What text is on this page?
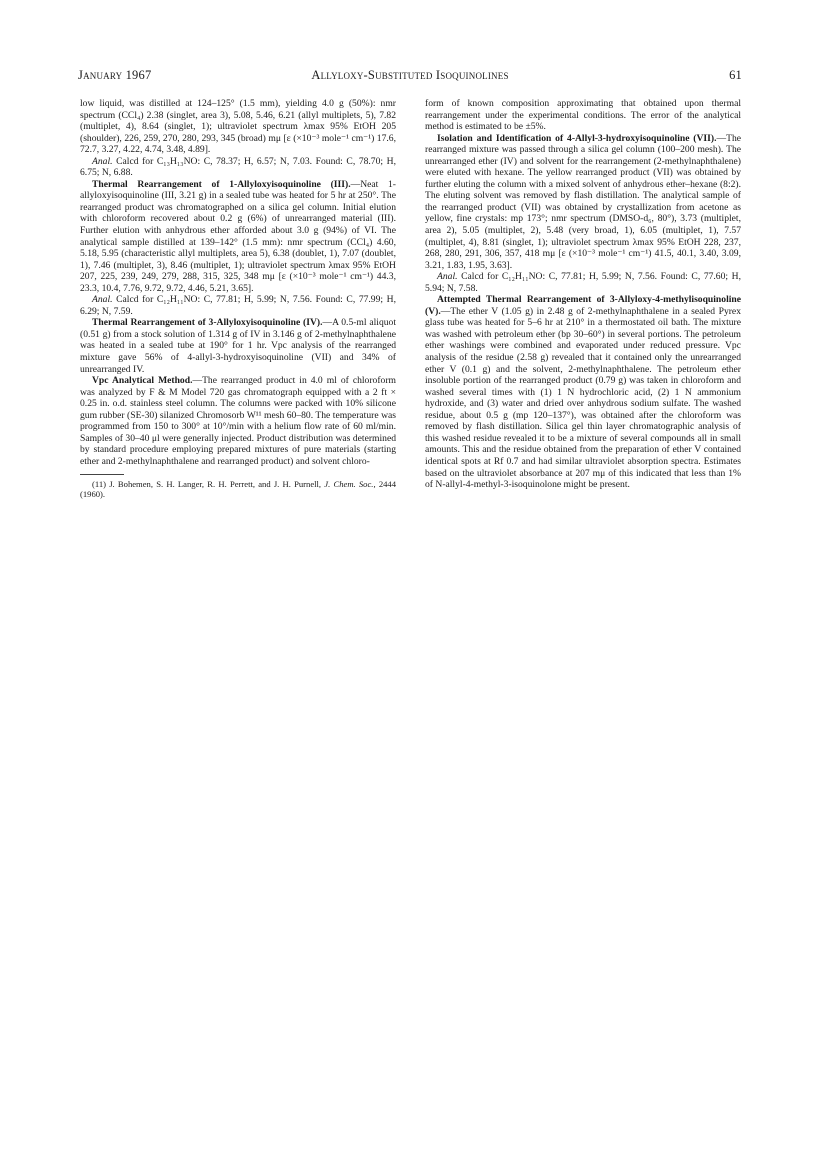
January 1967	Allyloxy-Substituted Isoquinolines	61

low liquid, was distilled at 124–125° (1.5 mm), yielding 4.0 g (50%): nmr spectrum (CCl₄) 2.38 (singlet, area 3), 5.08, 5.46, 6.21 (allyl multiplets, 5), 7.82 (multiplet, 4), 8.64 (singlet, 1); ultraviolet spectrum λmax 95% EtOH 205 (shoulder), 226, 259, 270, 280, 293, 345 (broad) mμ [ε (×10⁻³ mole⁻¹ cm⁻¹) 17.6, 72.7, 3.27, 4.22, 4.74, 3.48, 4.89].

Anal. Calcd for C₁₃H₁₃NO: C, 78.37; H, 6.57; N, 7.03. Found: C, 78.70; H, 6.75; N, 6.88.

Thermal Rearrangement of 1-Allyloxyisoquinoline (III).—Neat 1-allyloxyisoquinoline (III, 3.21 g) in a sealed tube was heated for 5 hr at 250°. The rearranged product was chromatographed on a silica gel column. Initial elution with chloroform recovered about 0.2 g (6%) of unrearranged material (III). Further elution with anhydrous ether afforded about 3.0 g (94%) of VI. The analytical sample distilled at 139–142° (1.5 mm): nmr spectrum (CCl₄) 4.60, 5.18, 5.95 (characteristic allyl multiplets, area 5), 6.38 (doublet, 1), 7.07 (doublet, 1), 7.46 (multiplet, 3), 8.46 (multiplet, 1); ultraviolet spectrum λmax 95% EtOH 207, 225, 239, 249, 279, 288, 315, 325, 348 mμ [ε (×10⁻³ mole⁻¹ cm⁻¹) 44.3, 23.3, 10.4, 7.76, 9.72, 9.72, 4.46, 5.21, 3.65].

Anal. Calcd for C₁₂H₁₁NO: C, 77.81; H, 5.99; N, 7.56. Found: C, 77.99; H, 6.29; N, 7.59.

Thermal Rearrangement of 3-Allyloxyisoquinoline (IV).—A 0.5-ml aliquot (0.51 g) from a stock solution of 1.314 g of IV in 3.146 g of 2-methylnaphthalene was heated in a sealed tube at 190° for 1 hr. Vpc analysis of the rearranged mixture gave 56% of 4-allyl-3-hydroxyisoquinoline (VII) and 34% of unrearranged IV.

Vpc Analytical Method.—The rearranged product in 4.0 ml of chloroform was analyzed by F & M Model 720 gas chromatograph equipped with a 2 ft × 0.25 in. o.d. stainless steel column. The columns were packed with 10% silicone gum rubber (SE-30) silanized Chromosorb W¹¹ mesh 60–80. The temperature was programmed from 150 to 300° at 10°/min with a helium flow rate of 60 ml/min. Samples of 30–40 μl were generally injected. Product distribution was determined by standard procedure employing prepared mixtures of pure materials (starting ether and 2-methylnaphthalene and rearranged product) and solvent chloro-

(11) J. Bohemen, S. H. Langer, R. H. Perrett, and J. H. Purnell, J. Chem. Soc., 2444 (1960).

form of known composition approximating that obtained upon thermal rearrangement under the experimental conditions. The error of the analytical method is estimated to be ±5%.

Isolation and Identification of 4-Allyl-3-hydroxyisoquinoline (VII).—The rearranged mixture was passed through a silica gel column (100–200 mesh). The unrearranged ether (IV) and solvent for the rearrangement (2-methylnaphthalene) were eluted with hexane. The yellow rearranged product (VII) was obtained by further eluting the column with a mixed solvent of anhydrous ether–hexane (8:2). The eluting solvent was removed by flash distillation. The analytical sample of the rearranged product (VII) was obtained by crystallization from acetone as yellow, fine crystals: mp 173°; nmr spectrum (DMSO-d₆, 80°), 3.73 (multiplet, area 2), 5.05 (multiplet, 2), 5.48 (very broad, 1), 6.05 (multiplet, 1), 7.57 (multiplet, 4), 8.81 (singlet, 1); ultraviolet spectrum λmax 95% EtOH 228, 237, 268, 280, 291, 306, 357, 418 mμ [ε (×10⁻³ mole⁻¹ cm⁻¹) 41.5, 40.1, 3.40, 3.09, 3.21, 1.83, 1.95, 3.63].

Anal. Calcd for C₁₂H₁₁NO: C, 77.81; H, 5.99; N, 7.56. Found: C, 77.60; H, 5.94; N, 7.58.

Attempted Thermal Rearrangement of 3-Allyloxy-4-methylisoquinoline (V).—The ether V (1.05 g) in 2.48 g of 2-methylnaphthalene in a sealed Pyrex glass tube was heated for 5–6 hr at 210° in a thermostated oil bath. The mixture was washed with petroleum ether (bp 30–60°) in several portions. The petroleum ether washings were combined and evaporated under reduced pressure. Vpc analysis of the residue (2.58 g) revealed that it contained only the unrearranged ether V (0.1 g) and the solvent, 2-methylnaphthalene. The petroleum ether insoluble portion of the rearranged product (0.79 g) was taken in chloroform and washed several times with (1) 1 N hydrochloric acid, (2) 1 N ammonium hydroxide, and (3) water and dried over anhydrous sodium sulfate. The washed residue, about 0.5 g (mp 120–137°), was obtained after the chloroform was removed by flash distillation. Silica gel thin layer chromatographic analysis of this washed residue revealed it to be a mixture of several compounds all in small amounts. This and the residue obtained from the preparation of ether V contained identical spots at Rf 0.7 and had similar ultraviolet absorption spectra. Estimates based on the ultraviolet absorbance at 207 mμ of this indicated that less than 1% of N-allyl-4-methyl-3-isoquinolone might be present.
